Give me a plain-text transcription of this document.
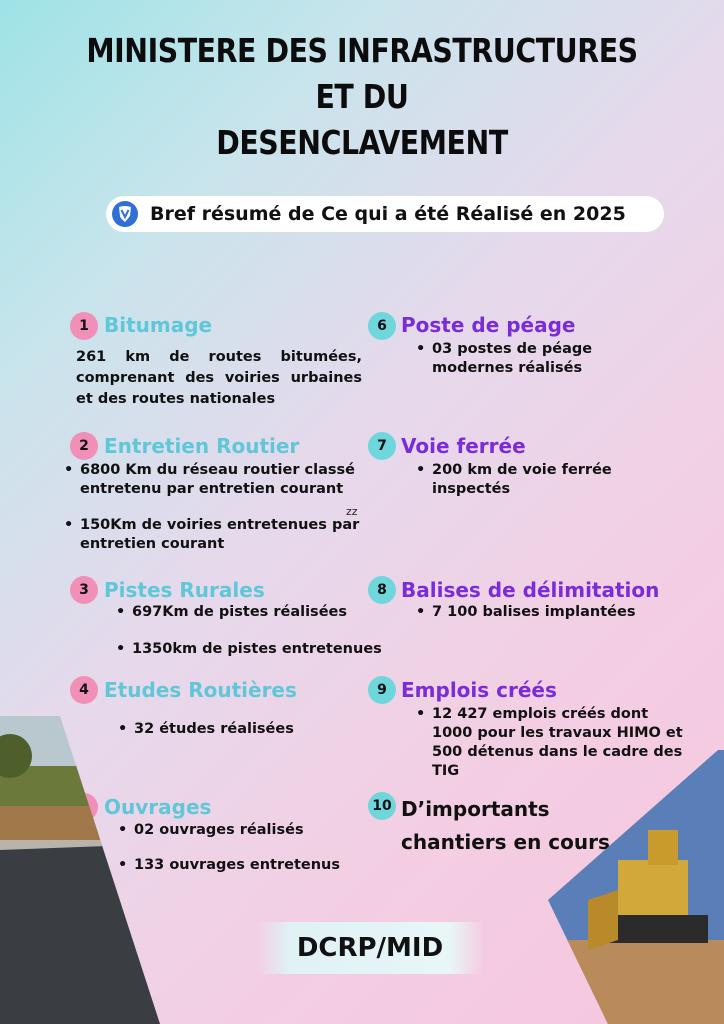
MINISTERE DES INFRASTRUCTURES ET DU
DESENCLAVEMENT
Bref résumé de Ce qui a été Réalisé en 2025
1 Bitumage
261 km de routes bitumées,
comprenant des voiries urbaines
et des routes nationales
2 Entretien Routier
• 6800 Km du réseau routier classé
entretenu par entretien courant
zz
• 150Km de voiries entretenues par
entretien courant
3 Pistes Rurales
• 697Km de pistes réalisées
• 1350km de pistes entretenues
4 Etudes Routières
• 32 études réalisées
Ouvrages
• 02 ouvrages réalisés
• 133 ouvrages entretenus
6 Poste de péage
• 03 postes de péage
modernes réalisés
7 Voie ferrée
• 200 km de voie ferrée
inspectés
8 Balises de délimitation
• 7 100 balises implantées
9 Emplois créés
• 12 427 emplois créés dont
1000 pour les travaux HIMO et
500 détenus dans le cadre des
TIG
10 D’importants
chantiers en cours
DCRP/MID
